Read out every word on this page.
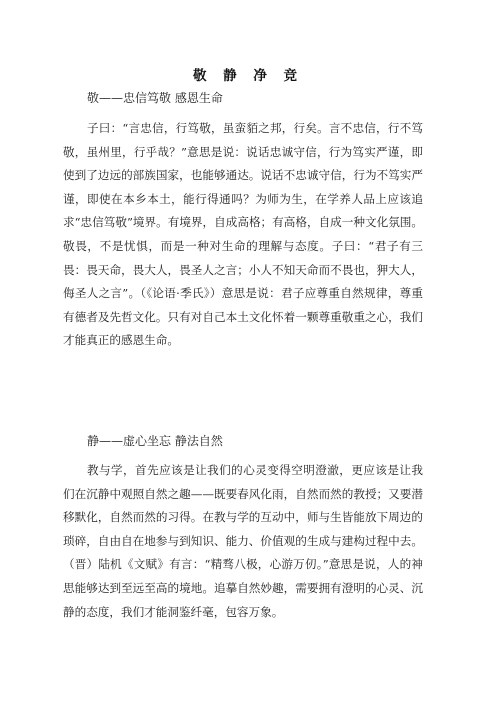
敬 静 净 竞
敬——忠信笃敬 感恩生命

子曰：“言忠信，行笃敬，虽蛮貊之邦，行矣。言不忠信，行不笃敬，虽州里，行乎哉？”意思是说：说话忠诚守信，行为笃实严谨，即使到了边远的部族国家，也能够通达。说话不忠诚守信，行为不笃实严谨，即使在本乡本土，能行得通吗？为师为生，在学养人品上应该追求“忠信笃敬”境界。有境界，自成高格；有高格，自成一种文化氛围。敬畏，不是忧惧，而是一种对生命的理解与态度。子曰：“君子有三畏：畏天命，畏大人，畏圣人之言；小人不知天命而不畏也，狎大人，侮圣人之言”。（《论语·季氏》）意思是说：君子应尊重自然规律，尊重有德者及先哲文化。只有对自己本土文化怀着一颗尊重敬重之心，我们才能真正的感恩生命。

静——虚心坐忘 静法自然

教与学，首先应该是让我们的心灵变得空明澄澈，更应该是让我们在沉静中观照自然之趣——既要春风化雨，自然而然的教授；又要潜移默化，自然而然的习得。在教与学的互动中，师与生皆能放下周边的琐碎，自由自在地参与到知识、能力、价值观的生成与建构过程中去。（晋）陆机《文赋》有言：“精骛八极，心游万仞。”意思是说，人的神思能够达到至远至高的境地。追摹自然妙趣，需要拥有澄明的心灵、沉静的态度，我们才能洞鉴纤毫，包容万象。
